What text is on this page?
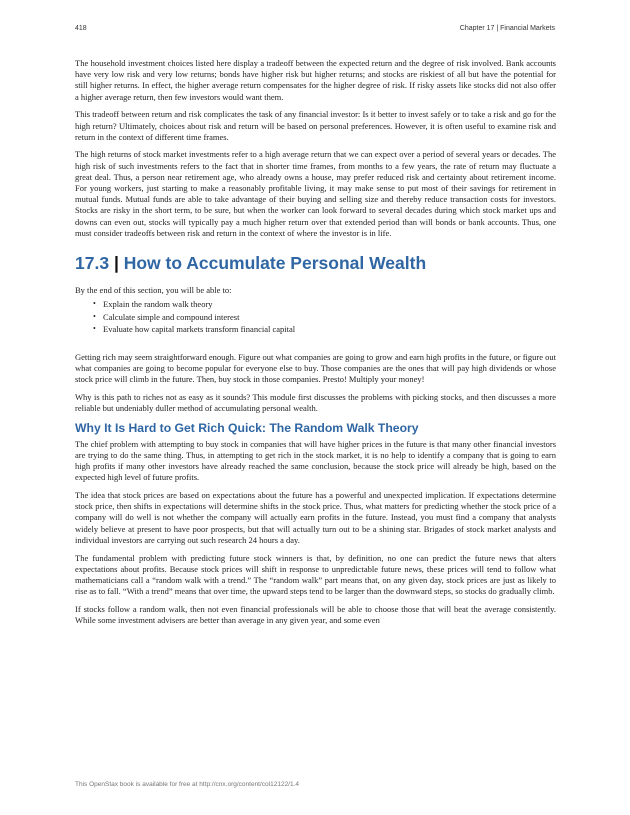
418	Chapter 17 | Financial Markets

The household investment choices listed here display a tradeoff between the expected return and the degree of risk involved. Bank accounts have very low risk and very low returns; bonds have higher risk but higher returns; and stocks are riskiest of all but have the potential for still higher returns. In effect, the higher average return compensates for the higher degree of risk. If risky assets like stocks did not also offer a higher average return, then few investors would want them.

This tradeoff between return and risk complicates the task of any financial investor: Is it better to invest safely or to take a risk and go for the high return? Ultimately, choices about risk and return will be based on personal preferences. However, it is often useful to examine risk and return in the context of different time frames.

The high returns of stock market investments refer to a high average return that we can expect over a period of several years or decades. The high risk of such investments refers to the fact that in shorter time frames, from months to a few years, the rate of return may fluctuate a great deal. Thus, a person near retirement age, who already owns a house, may prefer reduced risk and certainty about retirement income. For young workers, just starting to make a reasonably profitable living, it may make sense to put most of their savings for retirement in mutual funds. Mutual funds are able to take advantage of their buying and selling size and thereby reduce transaction costs for investors. Stocks are risky in the short term, to be sure, but when the worker can look forward to several decades during which stock market ups and downs can even out, stocks will typically pay a much higher return over that extended period than will bonds or bank accounts. Thus, one must consider tradeoffs between risk and return in the context of where the investor is in life.

17.3 | How to Accumulate Personal Wealth

By the end of this section, you will be able to:

• Explain the random walk theory
• Calculate simple and compound interest
• Evaluate how capital markets transform financial capital

Getting rich may seem straightforward enough. Figure out what companies are going to grow and earn high profits in the future, or figure out what companies are going to become popular for everyone else to buy. Those companies are the ones that will pay high dividends or whose stock price will climb in the future. Then, buy stock in those companies. Presto! Multiply your money!

Why is this path to riches not as easy as it sounds? This module first discusses the problems with picking stocks, and then discusses a more reliable but undeniably duller method of accumulating personal wealth.

Why It Is Hard to Get Rich Quick: The Random Walk Theory

The chief problem with attempting to buy stock in companies that will have higher prices in the future is that many other financial investors are trying to do the same thing. Thus, in attempting to get rich in the stock market, it is no help to identify a company that is going to earn high profits if many other investors have already reached the same conclusion, because the stock price will already be high, based on the expected high level of future profits.

The idea that stock prices are based on expectations about the future has a powerful and unexpected implication. If expectations determine stock price, then shifts in expectations will determine shifts in the stock price. Thus, what matters for predicting whether the stock price of a company will do well is not whether the company will actually earn profits in the future. Instead, you must find a company that analysts widely believe at present to have poor prospects, but that will actually turn out to be a shining star. Brigades of stock market analysts and individual investors are carrying out such research 24 hours a day.

The fundamental problem with predicting future stock winners is that, by definition, no one can predict the future news that alters expectations about profits. Because stock prices will shift in response to unpredictable future news, these prices will tend to follow what mathematicians call a “random walk with a trend.” The “random walk” part means that, on any given day, stock prices are just as likely to rise as to fall. “With a trend” means that over time, the upward steps tend to be larger than the downward steps, so stocks do gradually climb.

If stocks follow a random walk, then not even financial professionals will be able to choose those that will beat the average consistently. While some investment advisers are better than average in any given year, and some even

This OpenStax book is available for free at http://cnx.org/content/col12122/1.4
